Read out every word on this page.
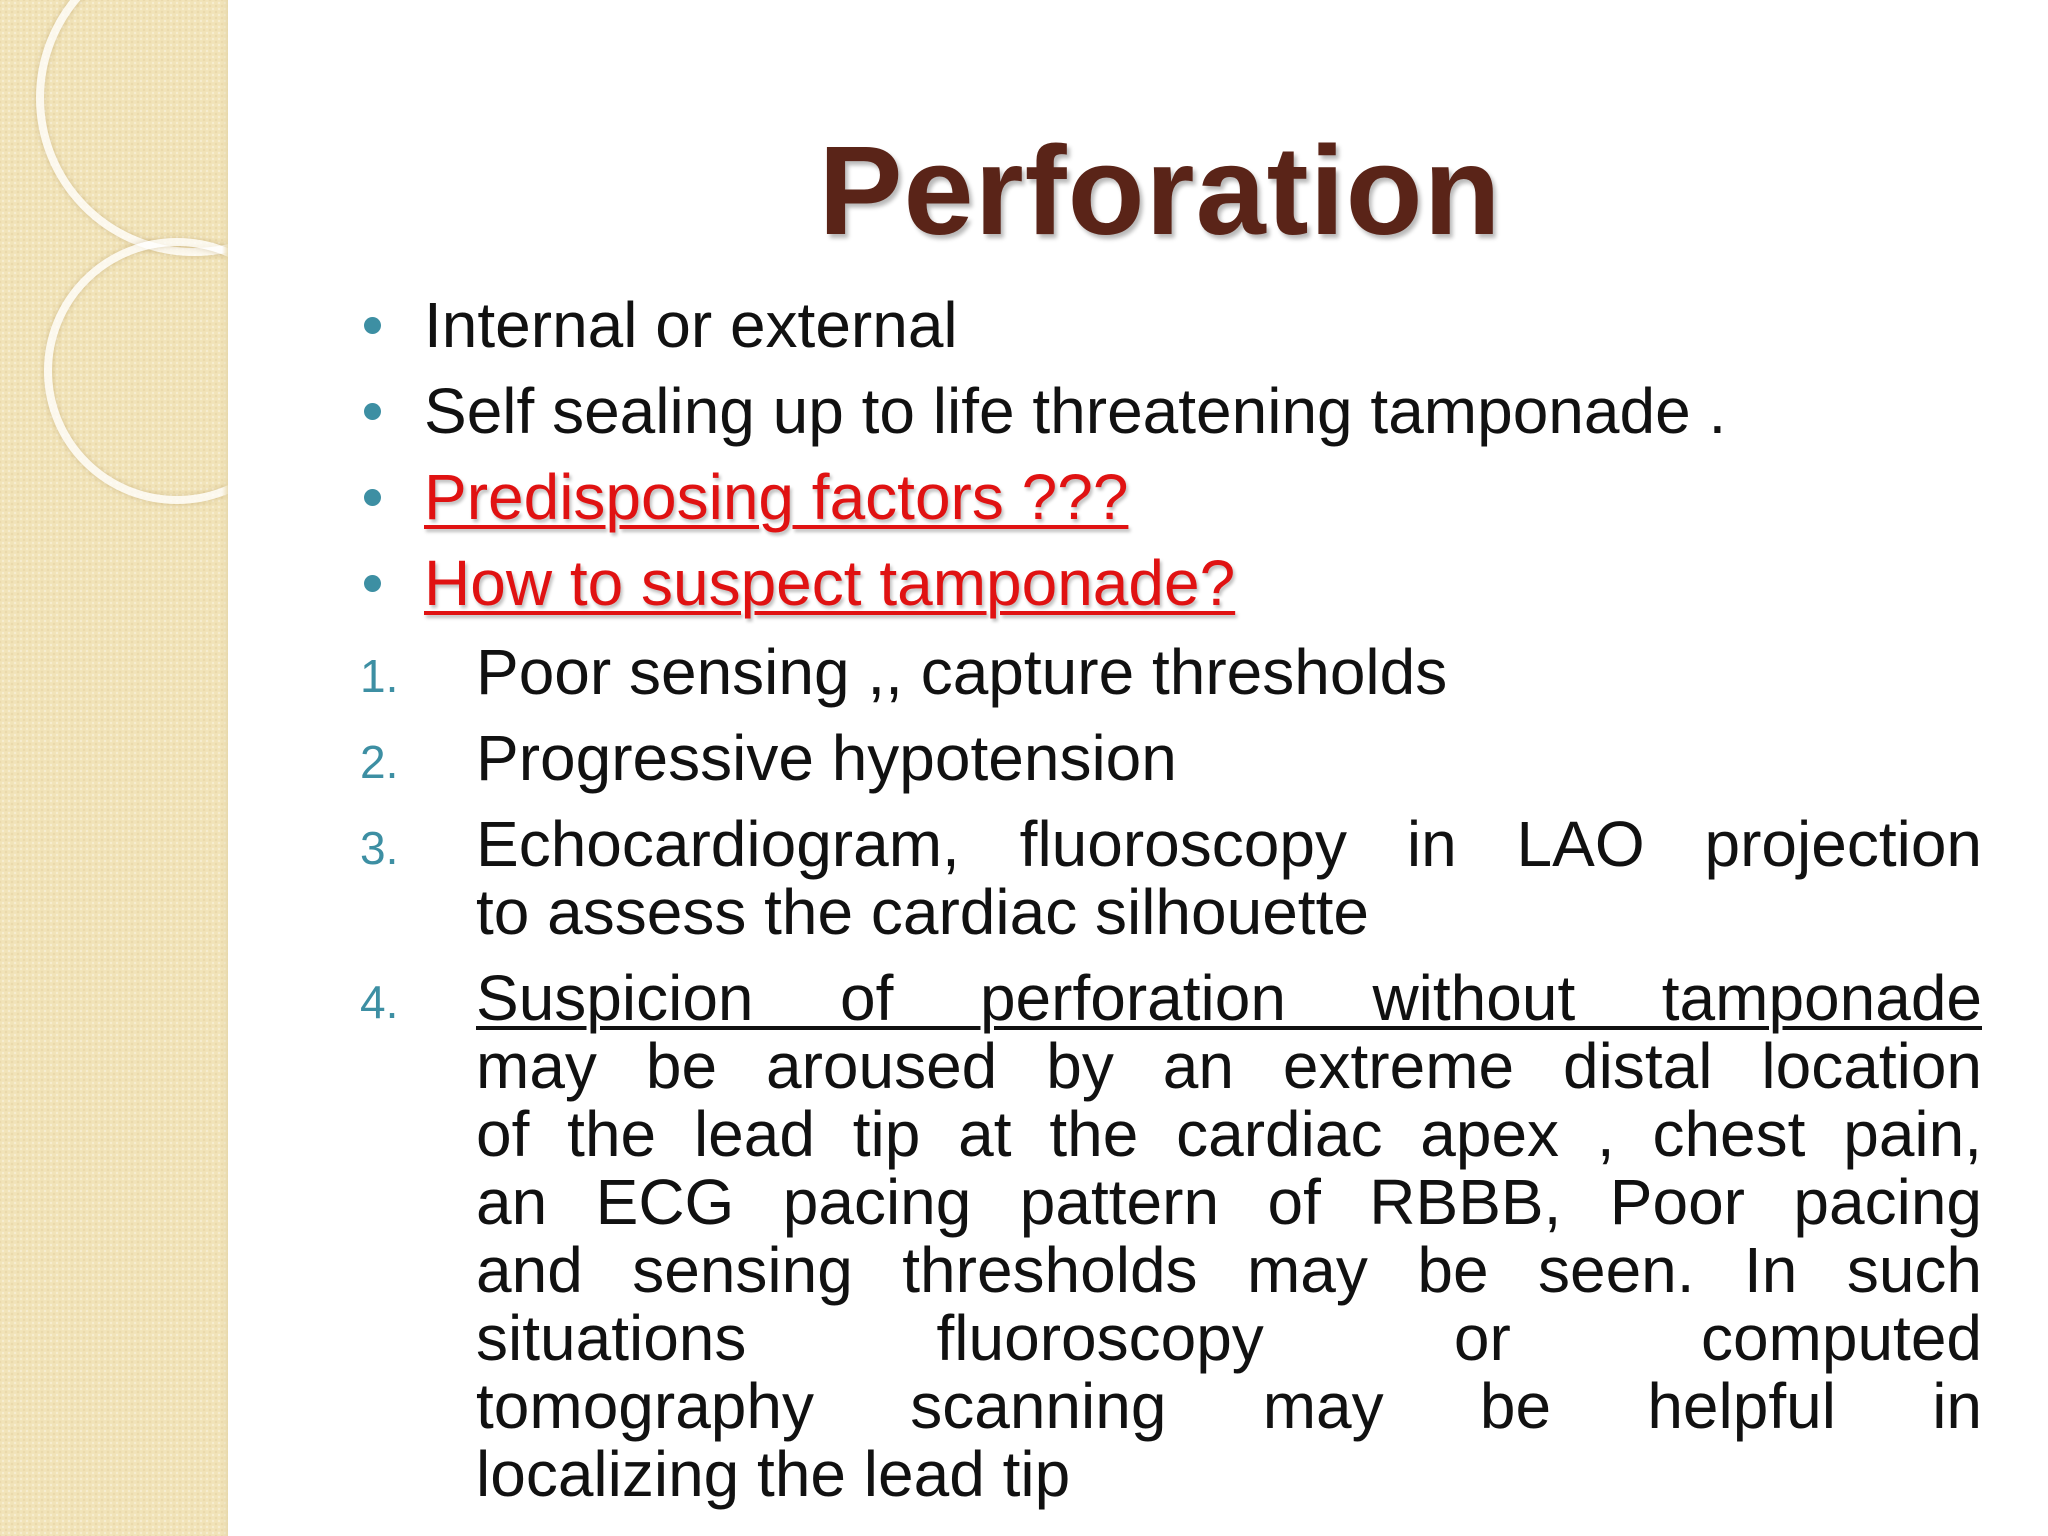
Perforation
Internal or external
Self sealing up to life threatening tamponade .
Predisposing factors ???
How to suspect tamponade?
1. Poor sensing ,, capture thresholds
2. Progressive hypotension
3. Echocardiogram, fluoroscopy in LAO projection
to assess the cardiac silhouette
4. Suspicion of perforation without tamponade
may be aroused by an extreme distal location
of the lead tip at the cardiac apex , chest pain,
an ECG pacing pattern of RBBB, Poor pacing
and sensing thresholds may be seen. In such
situations fluoroscopy or computed
tomography scanning may be helpful in
localizing the lead tip
